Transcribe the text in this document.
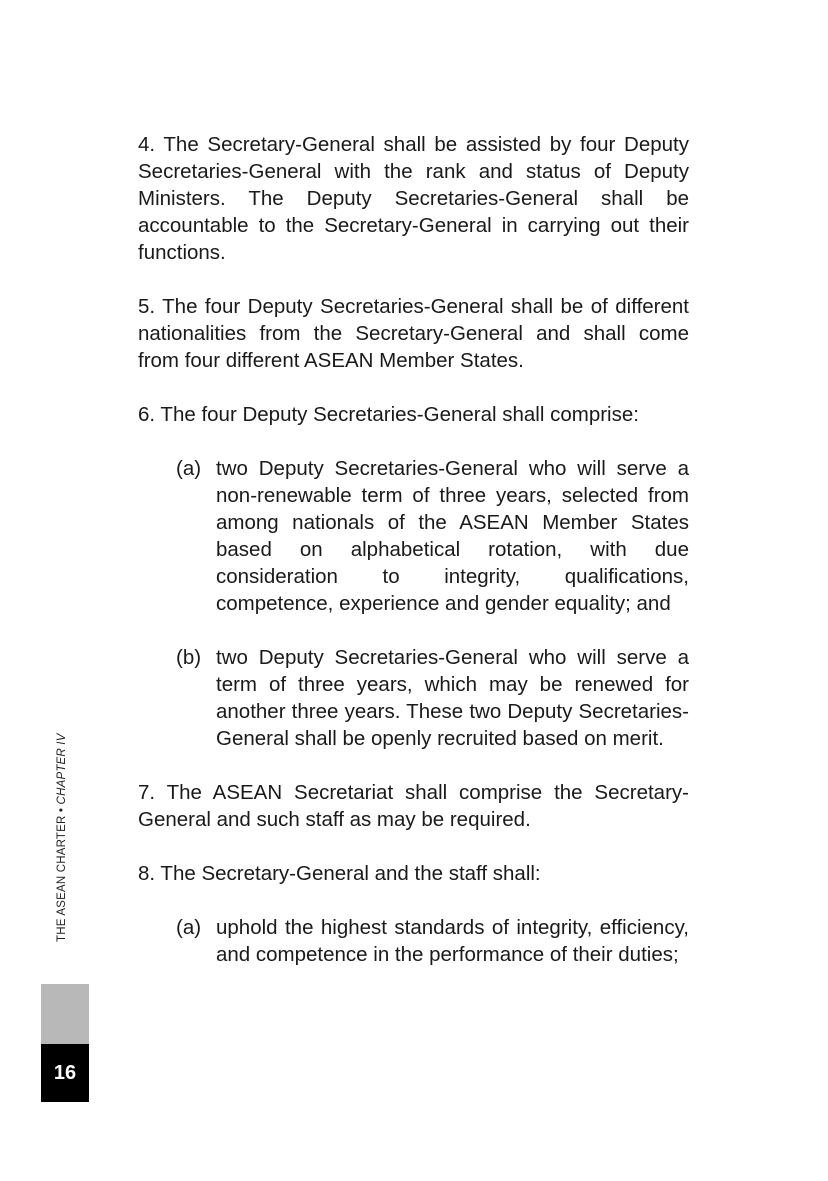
4. The Secretary-General shall be assisted by four Deputy Secretaries-General with the rank and status of Deputy Ministers. The Deputy Secretaries-General shall be accountable to the Secretary-General in carrying out their functions.

5. The four Deputy Secretaries-General shall be of different nationalities from the Secretary-General and shall come from four different ASEAN Member States.

6. The four Deputy Secretaries-General shall comprise:

(a) two Deputy Secretaries-General who will serve a non-renewable term of three years, selected from among nationals of the ASEAN Member States based on alphabetical rotation, with due consideration to integrity, qualifications, competence, experience and gender equality; and
(b) two Deputy Secretaries-General who will serve a term of three years, which may be renewed for another three years. These two Deputy Secretaries-General shall be openly recruited based on merit.

7. The ASEAN Secretariat shall comprise the Secretary-General and such staff as may be required.

8. The Secretary-General and the staff shall:

(a) uphold the highest standards of integrity, efficiency, and competence in the performance of their duties;
THE ASEAN CHARTER • CHAPTER IV
16
